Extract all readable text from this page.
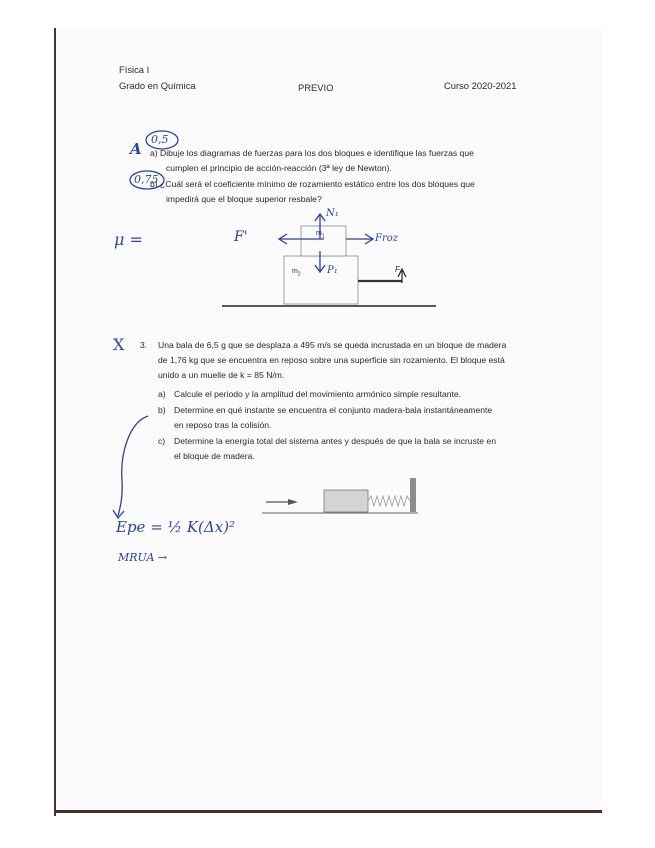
Física I
Grado en Química	PREVIO	Curso 2020-2021
a) Dibuje los diagramas de fuerzas para los dos bloques e identifique las fuerzas que
cumplen el principio de acción-reacción (3ª ley de Newton).
b) ¿Cuál será el coeficiente mínimo de rozamiento estático entre los dos bloques que
impedirá que el bloque superior resbale?
$m_1$
$m_2$
F
0,5
0,75
A
μ =	F'
N₁
Froz
P₁
X 3. Una bala de 6,5 g que se desplaza a 495 m/s se queda incrustada en un bloque de madera
de 1,76 kg que se encuentra en reposo sobre una superficie sin rozamiento. El bloque está
unido a un muelle de k = 85 N/m.
a) Calcule el periodo y la amplitud del movimiento armónico simple resultante.
b) Determine en qué instante se encuentra el conjunto madera-bala instantáneamente
en reposo tras la colisión.
c) Determine la energía total del sistema antes y después de que la bala se incruste en
el bloque de madera.
Epe = ½ K(Δx)²
MRUA →
